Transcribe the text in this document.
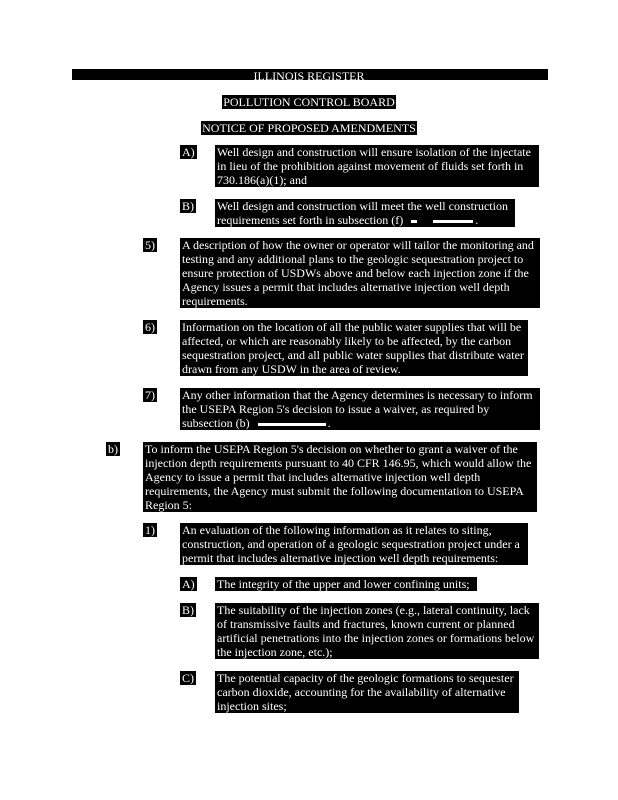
ILLINOIS REGISTER
POLLUTION CONTROL BOARD
NOTICE OF PROPOSED AMENDMENTS
A) Well design and construction will ensure isolation of the injectate
in lieu of the prohibition against movement of fluids set forth in
730.186(a)(1); and
B) Well design and construction will meet the well construction
requirements set forth in subsection (f)	.
5) A description of how the owner or operator will tailor the monitoring and
testing and any additional plans to the geologic sequestration project to
ensure protection of USDWs above and below each injection zone if the
Agency issues a permit that includes alternative injection well depth
requirements.
6) Information on the location of all the public water supplies that will be
affected, or which are reasonably likely to be affected, by the carbon
sequestration project, and all public water supplies that distribute water
drawn from any USDW in the area of review.
7) Any other information that the Agency determines is necessary to inform
the USEPA Region 5's decision to issue a waiver, as required by
subsection (b)	.
b) To inform the USEPA Region 5's decision on whether to grant a waiver of the
injection depth requirements pursuant to 40 CFR 146.95, which would allow the
Agency to issue a permit that includes alternative injection well depth
requirements, the Agency must submit the following documentation to USEPA
Region 5:
1) An evaluation of the following information as it relates to siting,
construction, and operation of a geologic sequestration project under a
permit that includes alternative injection well depth requirements:
A) The integrity of the upper and lower confining units;
B) The suitability of the injection zones (e.g., lateral continuity, lack
of transmissive faults and fractures, known current or planned
artificial penetrations into the injection zones or formations below
the injection zone, etc.);
C) The potential capacity of the geologic formations to sequester
carbon dioxide, accounting for the availability of alternative
injection sites;
